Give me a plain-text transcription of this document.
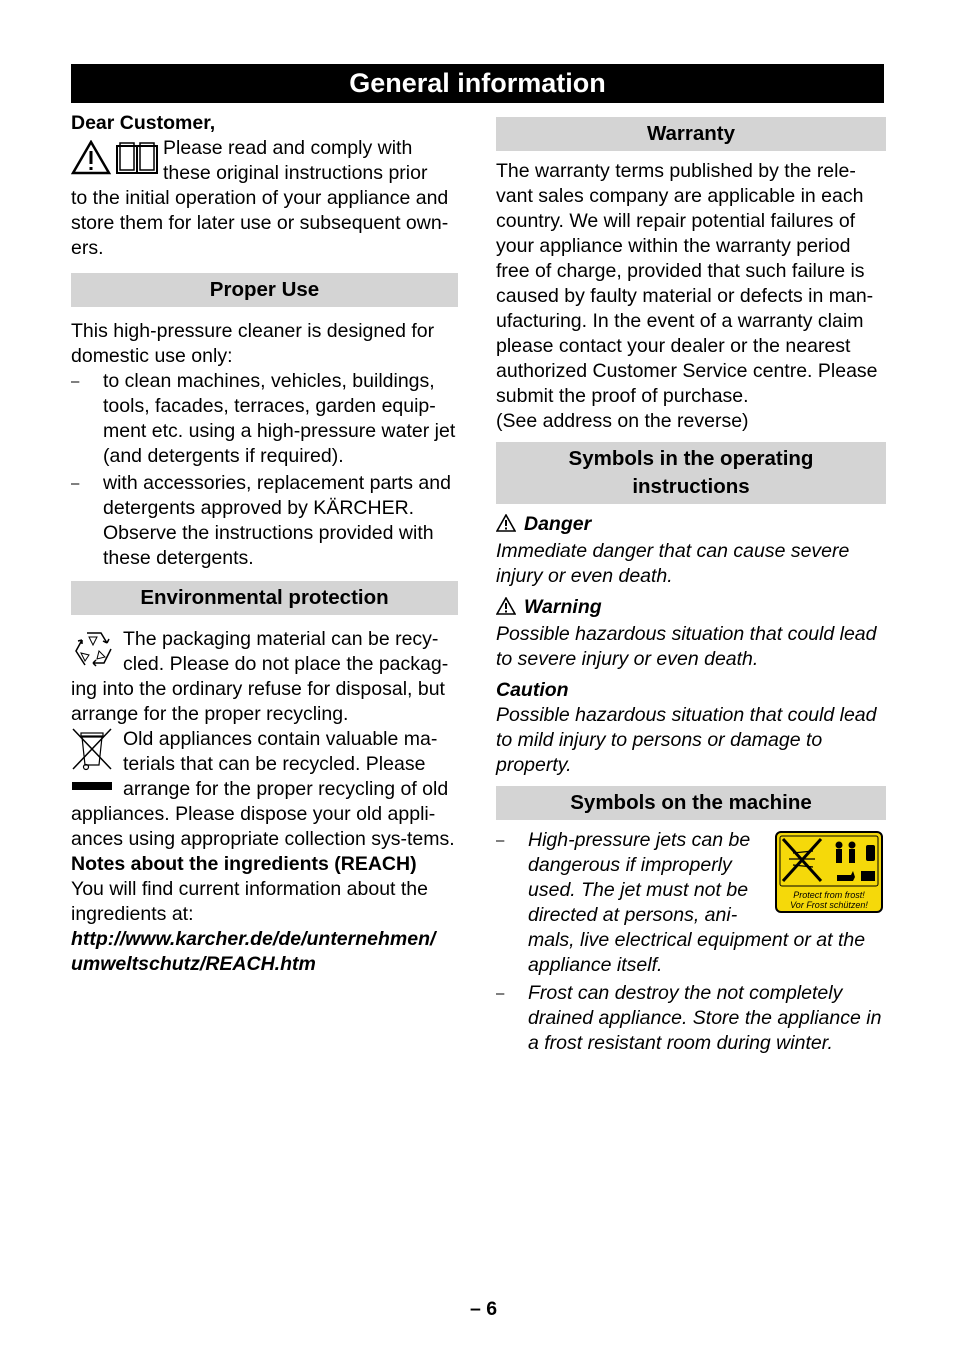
General information

Dear Customer,

Please read and comply with

these original instructions prior

to the initial operation of your appliance and store them for later use or subsequent own-ers.

Proper Use

This high-pressure cleaner is designed for domestic use only:

– to clean machines, vehicles, buildings, tools, facades, terraces, garden equip-ment etc. using a high-pressure water jet (and detergents if required).
– with accessories, replacement parts and detergents approved by KÄRCHER. Observe the instructions provided with these detergents.
Environmental protection

The packaging material can be recy-

cled. Please do not place the packag-

ing into the ordinary refuse for disposal, but arrange for the proper recycling.

Old appliances contain valuable ma-

terials that can be recycled. Please

arrange for the proper recycling of old

appliances. Please dispose your old appli-ances using appropriate collection sys-tems.

Notes about the ingredients (REACH)

You will find current information about the ingredients at:

http://www.karcher.de/de/unternehmen/

umweltschutz/REACH.htm

Warranty

The warranty terms published by the rele-vant sales company are applicable in each country. We will repair potential failures of your appliance within the warranty period free of charge, provided that such failure is caused by faulty material or defects in man-ufacturing. In the event of a warranty claim please contact your dealer or the nearest authorized Customer Service centre. Please submit the proof of purchase.

(See address on the reverse)

Symbols in the operating
instructions

Danger

Immediate danger that can cause severe injury or even death.

Warning

Possible hazardous situation that could lead to severe injury or even death.

Caution

Possible hazardous situation that could lead to mild injury to persons or damage to property.

Symbols on the machine
–
Protect from frost!
Vor Frost schützen!
High-pressure jets can be
dangerous if improperly
used. The jet must not be
directed at persons, ani-
mals, live electrical equipment or at the appliance itself.
– Frost can destroy the not completely drained appliance. Store the appliance in a frost resistant room during winter.
– 6
